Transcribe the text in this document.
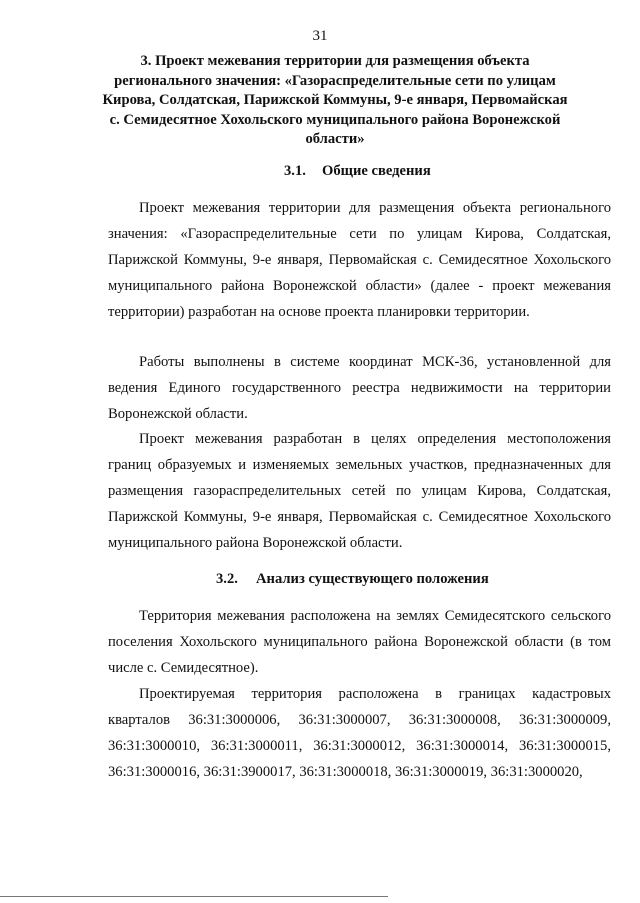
31
3. Проект межевания территории для размещения объекта регионального значения: «Газораспределительные сети по улицам Кирова, Солдатская, Парижской Коммуны, 9-е января, Первомайская с. Семидесятное Хохольского муниципального района Воронежской области»
3.1. Общие сведения

Проект межевания территории для размещения объекта регионального значения: «Газораспределительные сети по улицам Кирова, Солдатская, Парижской Коммуны, 9-е января, Первомайская с. Семидесятное Хохольского муниципального района Воронежской области» (далее - проект межевания территории) разработан на основе проекта планировки территории.

Работы выполнены в системе координат МСК-36, установленной для ведения Единого государственного реестра недвижимости на территории Воронежской области.

Проект межевания разработан в целях определения местоположения границ образуемых и изменяемых земельных участков, предназначенных для размещения газораспределительных сетей по улицам Кирова, Солдатская, Парижской Коммуны, 9-е января, Первомайская с. Семидесятное Хохольского муниципального района Воронежской области.

3.2. Анализ существующего положения

Территория межевания расположена на землях Семидесятского сельского поселения Хохольского муниципального района Воронежской области (в том числе с. Семидесятное).

Проектируемая территория расположена в границах кадастровых кварталов 36:31:3000006, 36:31:3000007, 36:31:3000008, 36:31:3000009, 36:31:3000010, 36:31:3000011, 36:31:3000012, 36:31:3000014, 36:31:3000015, 36:31:3000016, 36:31:3900017, 36:31:3000018, 36:31:3000019, 36:31:3000020,
